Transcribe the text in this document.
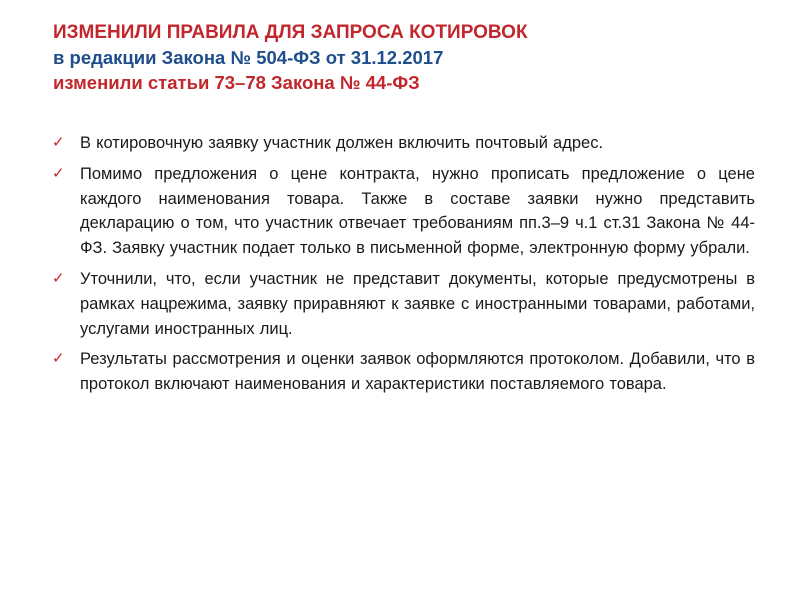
ИЗМЕНИЛИ ПРАВИЛА ДЛЯ ЗАПРОСА КОТИРОВОК
в редакции Закона № 504-ФЗ от 31.12.2017
изменили статьи 73–78 Закона № 44-ФЗ
✓ В котировочную заявку участник должен включить почтовый адрес.
✓ Помимо предложения о цене контракта, нужно прописать предложение о цене каждого наименования товара. Также в составе заявки нужно представить декларацию о том, что участник отвечает требованиям пп.3–9 ч.1 ст.31 Закона № 44-ФЗ. Заявку участник подает только в письменной форме, электронную форму убрали.
✓ Уточнили, что, если участник не представит документы, которые предусмотрены в рамках нацрежима, заявку приравняют к заявке с иностранными товарами, работами, услугами иностранных лиц.
✓ Результаты рассмотрения и оценки заявок оформляются протоколом. Добавили, что в протокол включают наименования и характеристики поставляемого товара.
